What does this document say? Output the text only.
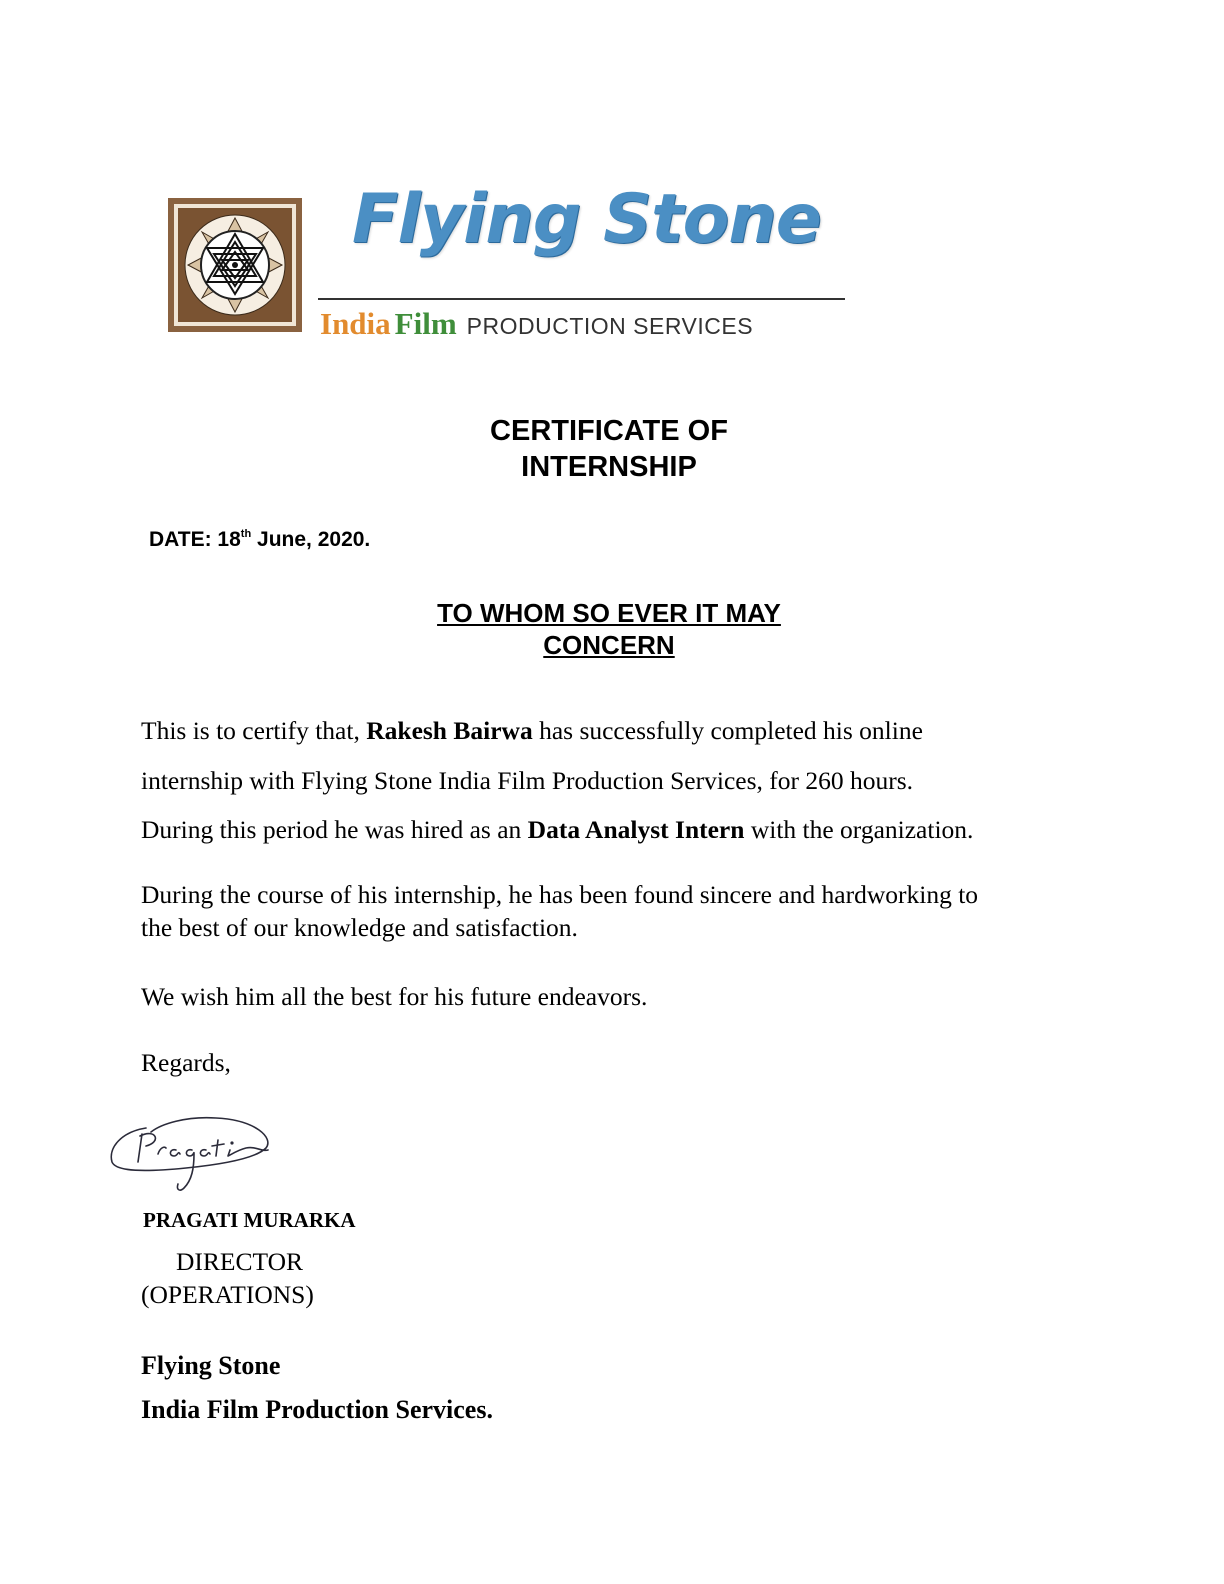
Flying Stone
India Film PRODUCTION SERVICES
CERTIFICATE OF
INTERNSHIP
DATE: 18th June, 2020.
TO WHOM SO EVER IT MAY
CONCERN
This is to certify that, Rakesh Bairwa has successfully completed his online
internship with Flying Stone India Film Production Services, for 260 hours.
During this period he was hired as an Data Analyst Intern with the organization.
During the course of his internship, he has been found sincere and hardworking to
the best of our knowledge and satisfaction.
We wish him all the best for his future endeavors.
Regards,
PRAGATI MURARKA
DIRECTOR
(OPERATIONS)
Flying Stone
India Film Production Services.
